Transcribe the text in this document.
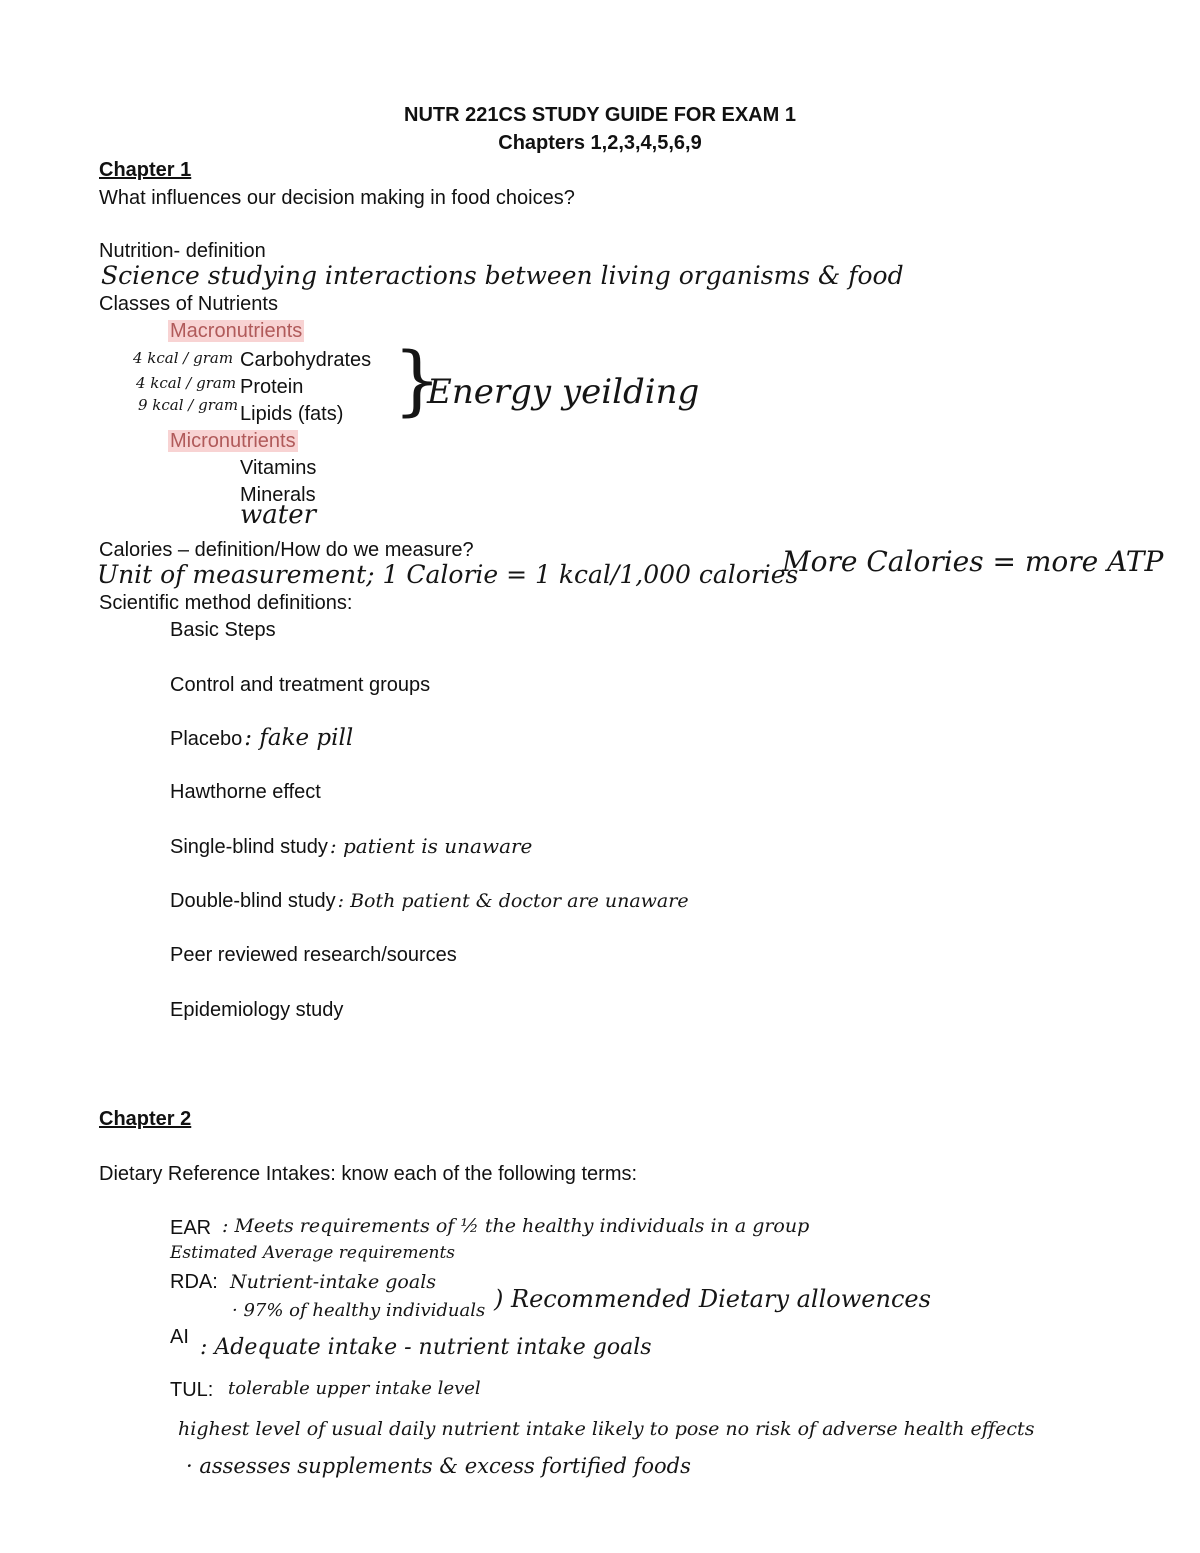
NUTR 221CS STUDY GUIDE FOR EXAM 1
Chapters 1,2,3,4,5,6,9
Chapter 1
What influences our decision making in food choices?
Nutrition- definition
Science studying interactions between living organisms & food
Classes of Nutrients
Macronutrients
4 kcal / gram Carbohydrates
4 kcal / gram Protein
9 kcal / gram Lipids (fats) }
Energy yeilding
Micronutrients
Vitamins
Minerals
water
Calories – definition/How do we measure?
Unit of measurement; 1 Calorie = 1 kcal/1,000 calories
More Calories = more ATP
Scientific method definitions:
Basic Steps
Control and treatment groups
Placebo: fake pill
Hawthorne effect
Single-blind study : patient is unaware
Double-blind study : Both patient & doctor are unaware
Peer reviewed research/sources
Epidemiology study
Chapter 2
Dietary Reference Intakes: know each of the following terms:
EAR : Meets requirements of ½ the healthy individuals in a group
Estimated Average requirements
RDA: Nutrient-intake goals
· 97% of healthy individuals ) Recommended Dietary allowences
AI : Adequate intake - nutrient intake goals
TUL: tolerable upper intake level
highest level of usual daily nutrient intake likely to pose no risk of adverse health effects
· assesses supplements & excess fortified foods
